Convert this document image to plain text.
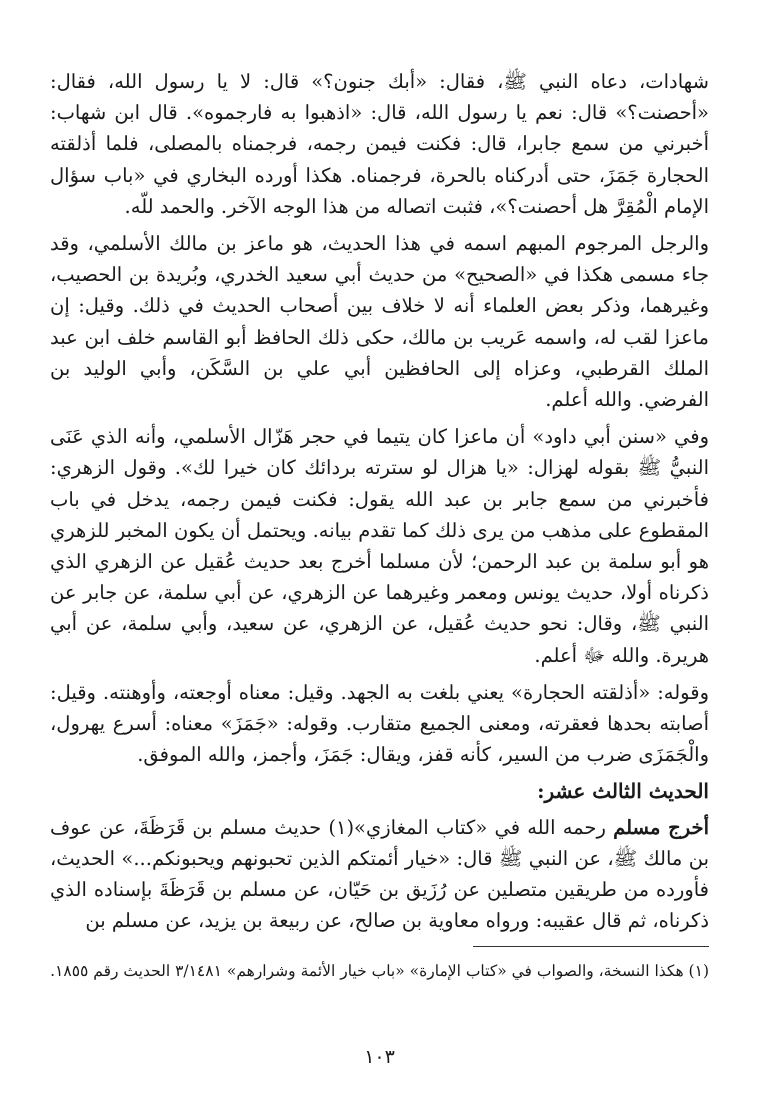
شهادات، دعاه النبي ﷺ، فقال: «أبك جنون؟» قال: لا يا رسول الله، فقال: «أحصنت؟» قال: نعم يا رسول الله، قال: «اذهبوا به فارجموه». قال ابن شهاب: أخبرني من سمع جابرا، قال: فكنت فيمن رجمه، فرجمناه بالمصلى، فلما أذلقته الحجارة جَمَزَ، حتى أدركناه بالحرة، فرجمناه. هكذا أورده البخاري في «باب سؤال الإمام الْمُقِرَّ هل أحصنت؟»، فثبت اتصاله من هذا الوجه الآخر. والحمد للّه.

والرجل المرجوم المبهم اسمه في هذا الحديث، هو ماعز بن مالك الأسلمي، وقد جاء مسمى هكذا في «الصحيح» من حديث أبي سعيد الخدري، وبُريدة بن الحصيب، وغيرهما، وذكر بعض العلماء أنه لا خلاف بين أصحاب الحديث في ذلك. وقيل: إن ماعزا لقب له، واسمه عَريب بن مالك، حكى ذلك الحافظ أبو القاسم خلف ابن عبد الملك القرطبي، وعزاه إلى الحافظين أبي علي بن السَّكَن، وأبي الوليد بن الفرضي. والله أعلم.

وفي «سنن أبي داود» أن ماعزا كان يتيما في حجر هَزّال الأسلمي، وأنه الذي عَنَى النبيُّ ﷺ بقوله لهزال: «يا هزال لو سترته بردائك كان خيرا لك». وقول الزهري: فأخبرني من سمع جابر بن عبد الله يقول: فكنت فيمن رجمه، يدخل في باب المقطوع على مذهب من يرى ذلك كما تقدم بيانه. ويحتمل أن يكون المخبر للزهري هو أبو سلمة بن عبد الرحمن؛ لأن مسلما أخرج بعد حديث عُقيل عن الزهري الذي ذكرناه أولا، حديث يونس ومعمر وغيرهما عن الزهري، عن أبي سلمة، عن جابر عن النبي ﷺ، وقال: نحو حديث عُقيل، عن الزهري، عن سعيد، وأبي سلمة، عن أبي هريرة. والله ﷻ أعلم.

وقوله: «أذلقته الحجارة» يعني بلغت به الجهد. وقيل: معناه أوجعته، وأوهنته. وقيل: أصابته بحدها فعقرته، ومعنى الجميع متقارب. وقوله: «جَمَزَ» معناه: أسرع يهرول، والْجَمَزَى ضرب من السير، كأنه قفز، ويقال: جَمَزَ، وأجمز، والله الموفق.

الحديث الثالث عشر:

أخرج مسلم رحمه الله في «كتاب المغازي»(١) حديث مسلم بن قَرَظَةَ، عن عوف بن مالك ﷺ، عن النبي ﷺ قال: «خيار أئمتكم الذين تحبونهم ويحبونكم...» الحديث، فأورده من طريقين متصلين عن رُزَيق بن حَيّان، عن مسلم بن قَرَظَةَ بإسناده الذي ذكرناه، ثم قال عقيبه: ورواه معاوية بن صالح، عن ربيعة بن يزيد، عن مسلم بن

(١) هكذا النسخة، والصواب في «كتاب الإمارة» «باب خيار الأئمة وشرارهم» ٣/١٤٨١ الحديث رقم ١٨٥٥.
١٠٣
